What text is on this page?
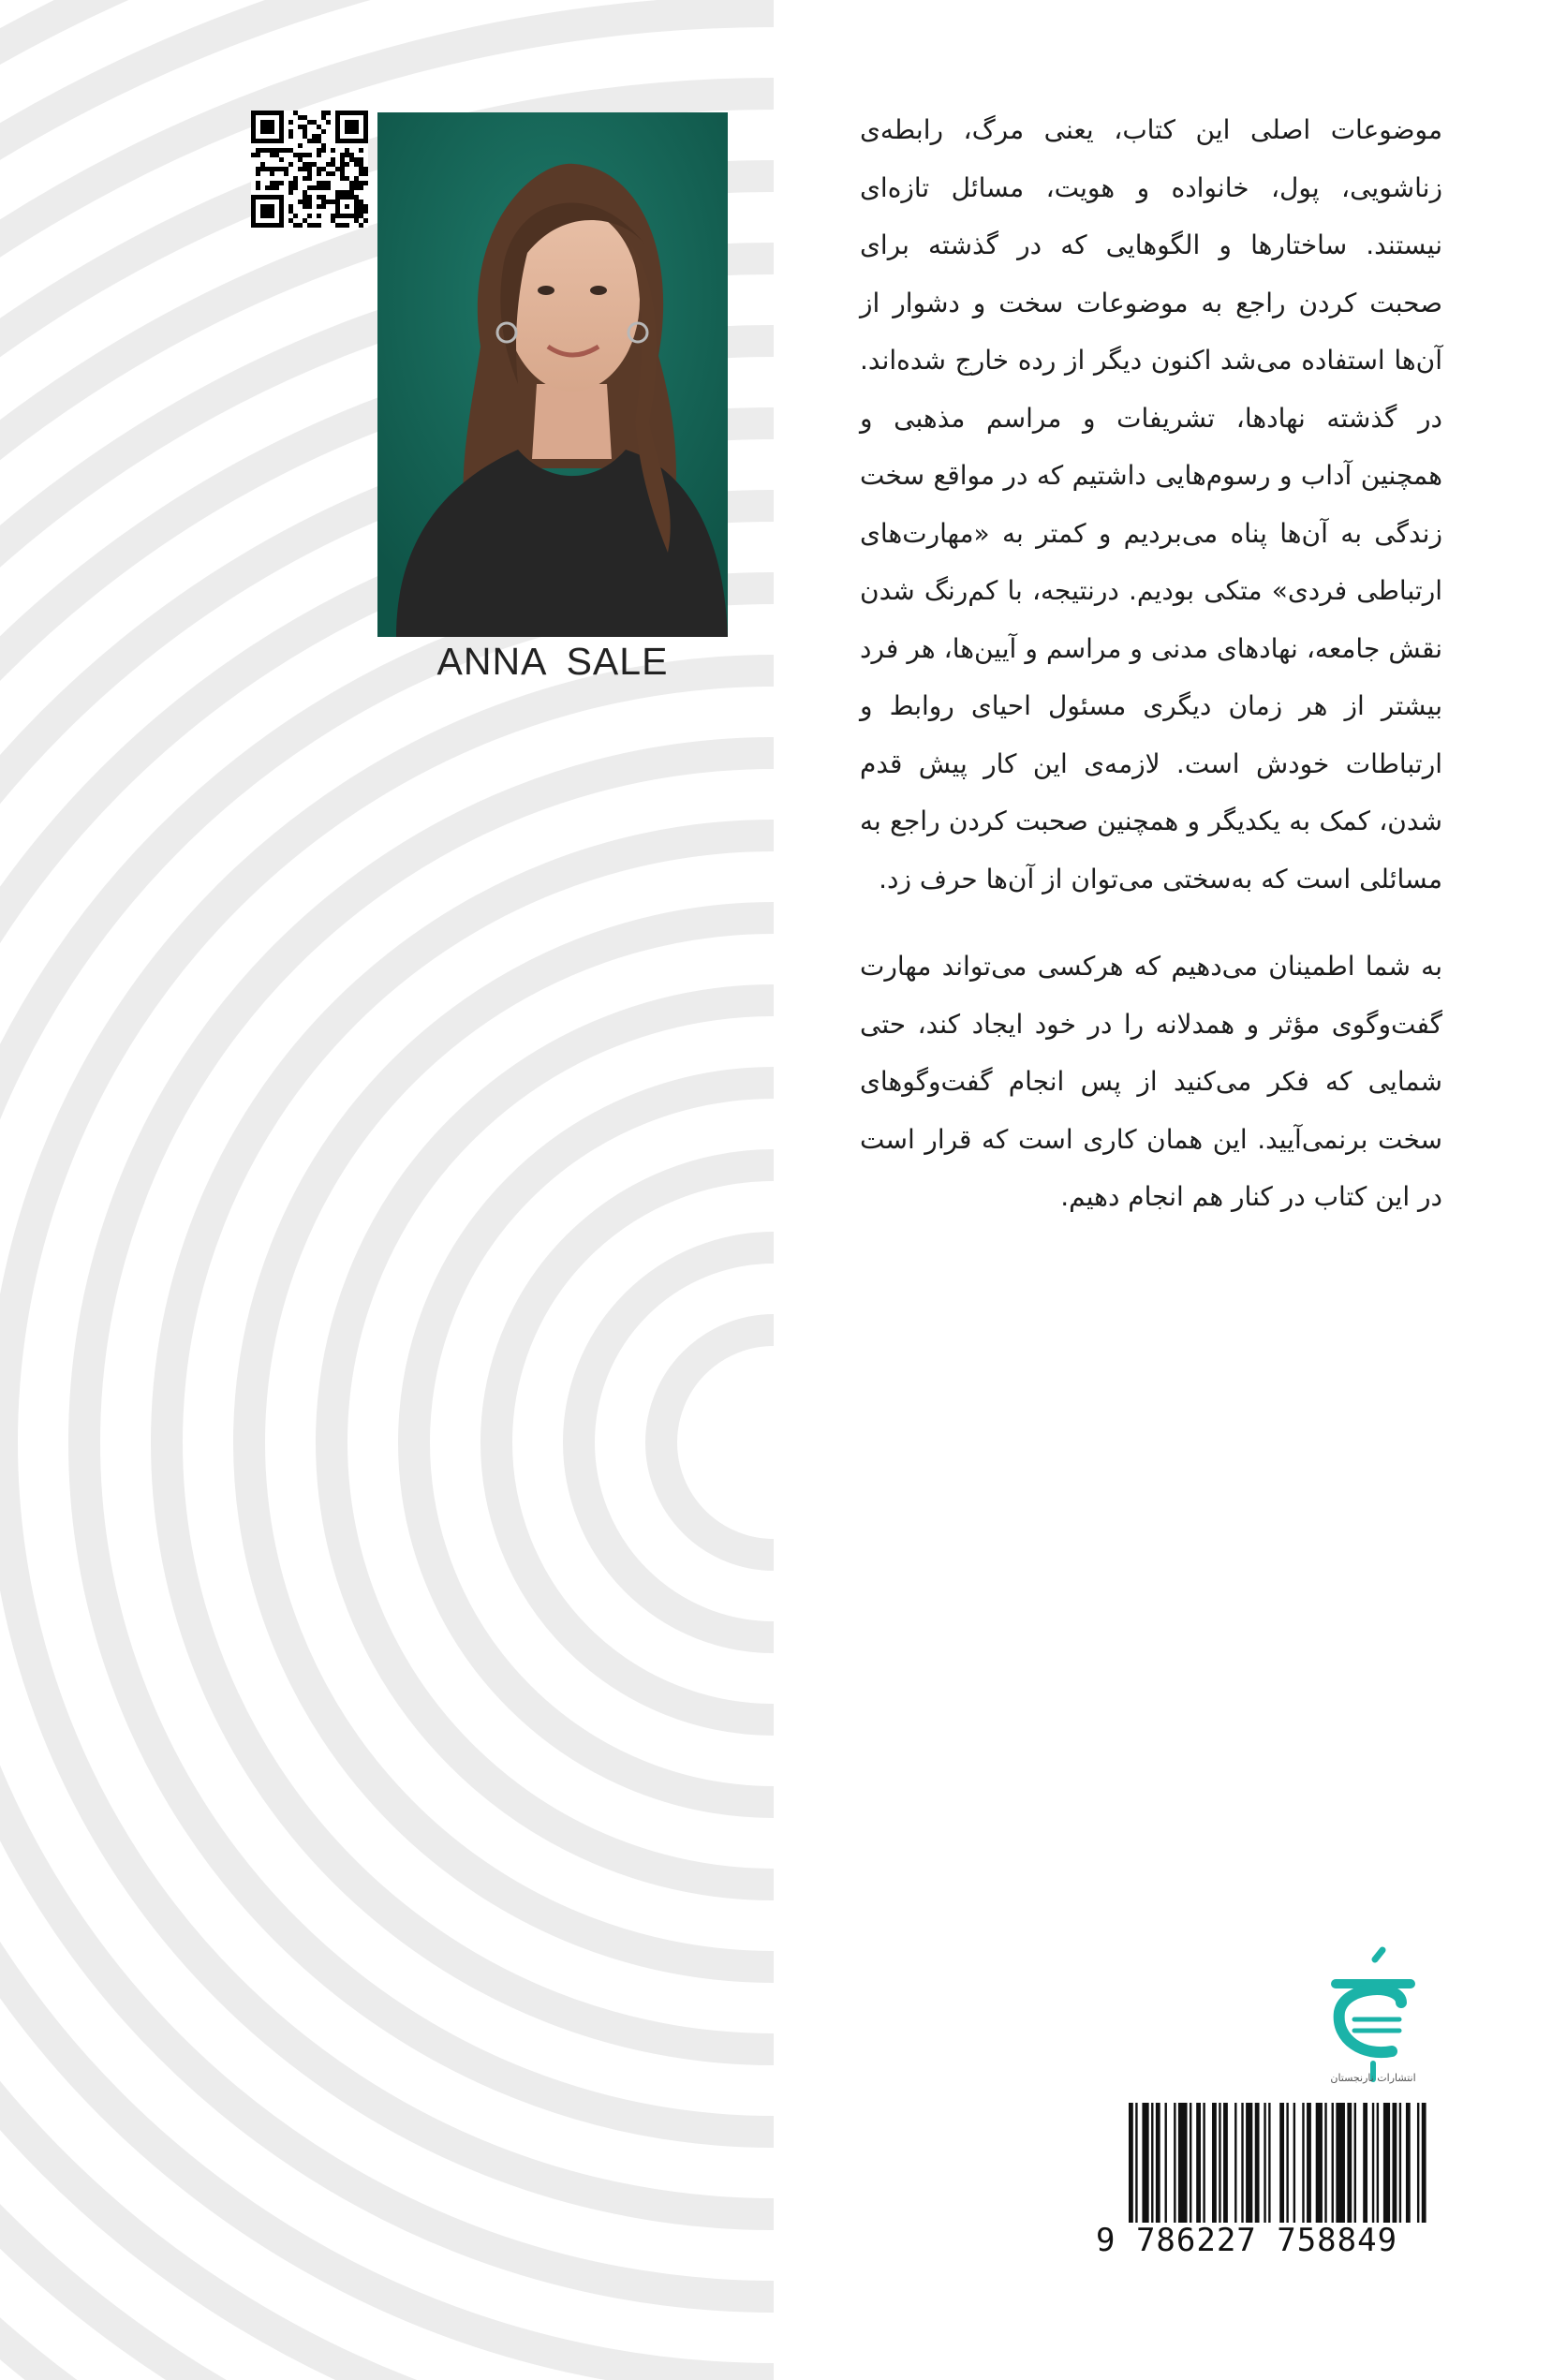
ANNA SALE

موضوعات اصلی این کتاب، یعنی مرگ، رابطه‌ی زناشویی، پول، خانواده و هویت، مسائل تازه‌ای نیستند. ساختارها و الگوهایی که در گذشته برای صحبت کردن راجع به موضوعات سخت و دشوار از آن‌ها استفاده می‌شد اکنون دیگر از رده خارج شده‌اند. در گذشته نهادها، تشریفات و مراسم مذهبی و همچنین آداب و رسوم‌هایی داشتیم که در مواقع سخت زندگی به آن‌ها پناه می‌بردیم و کمتر به «مهارت‌های ارتباطی فردی» متکی بودیم. درنتیجه، با کم‌رنگ شدن نقش جامعه، نهادهای مدنی و مراسم و آیین‌ها، هر فرد بیشتر از هر زمان دیگری مسئول احیای روابط و ارتباطات خودش است. لازمه‌ی این کار پیش قدم شدن، کمک به یکدیگر و همچنین صحبت کردن راجع به مسائلی است که به‌سختی می‌توان از آن‌ها حرف زد.

به شما اطمینان می‌دهیم که هرکسی می‌تواند مهارت گفت‌وگوی مؤثر و همدلانه را در خود ایجاد کند، حتی شمایی که فکر می‌کنید از پس انجام گفت‌وگوهای سخت برنمی‌آیید. این همان کاری است که قرار است در این کتاب در کنار هم انجام دهیم.

انتشارات نارنجستان
9 786227 758849
